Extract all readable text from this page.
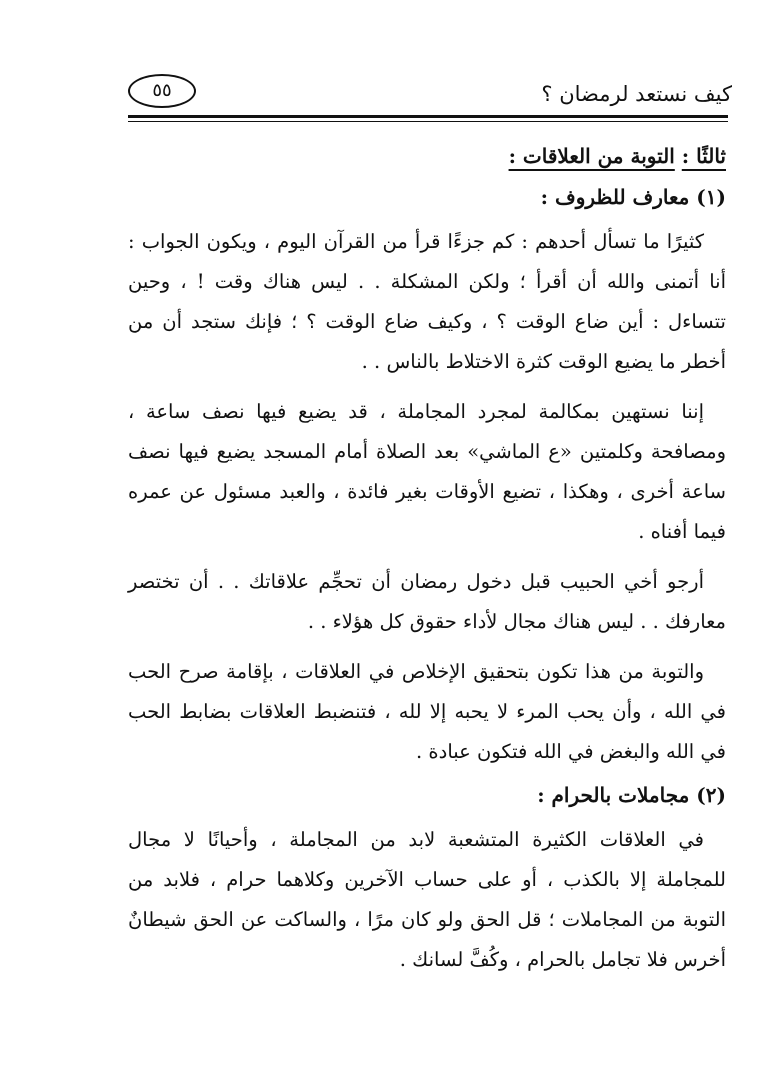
كيف نستعد لرمضان ؟
٥٥
ثالثًا : التوبة من العلاقات :
(١) معارف للظروف :

كثيرًا ما تسأل أحدهم : كم جزءًا قرأ من القرآن اليوم ، ويكون الجواب : أنا أتمنى والله أن أقرأ ؛ ولكن المشكلة . . ليس هناك وقت ! ، وحين تتساءل : أين ضاع الوقت ؟ ، وكيف ضاع الوقت ؟ ؛ فإنك ستجد أن من أخطر ما يضيع الوقت كثرة الاختلاط بالناس . .

إننا نستهين بمكالمة لمجرد المجاملة ، قد يضيع فيها نصف ساعة ، ومصافحة وكلمتين «ع الماشي» بعد الصلاة أمام المسجد يضيع فيها نصف ساعة أخرى ، وهكذا ، تضيع الأوقات بغير فائدة ، والعبد مسئول عن عمره فيما أفناه .

أرجو أخي الحبيب قبل دخول رمضان أن تحجِّم علاقاتك . . أن تختصر معارفك . . ليس هناك مجال لأداء حقوق كل هؤلاء . .

والتوبة من هذا تكون بتحقيق الإخلاص في العلاقات ، بإقامة صرح الحب في الله ، وأن يحب المرء لا يحبه إلا لله ، فتنضبط العلاقات بضابط الحب في الله والبغض في الله فتكون عبادة .

(٢) مجاملات بالحرام :

في العلاقات الكثيرة المتشعبة لابد من المجاملة ، وأحيانًا لا مجال للمجاملة إلا بالكذب ، أو على حساب الآخرين وكلاهما حرام ، فلابد من التوبة من المجاملات ؛ قل الحق ولو كان مرًا ، والساكت عن الحق شيطانٌ أخرس فلا تجامل بالحرام ، وكُفَّ لسانك .
